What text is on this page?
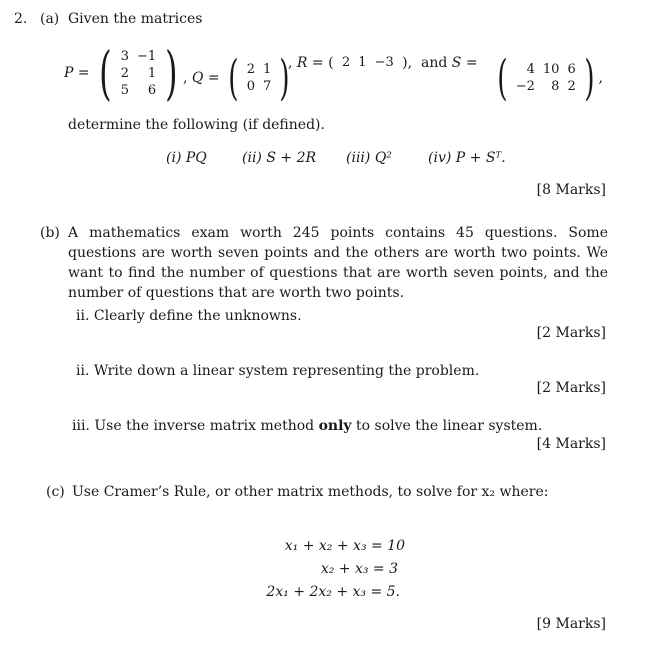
2. (a) Given the matrices
P = ( 3	−1
2	1
5	6 ) , Q = ( 2	1
0	7 )
, R = ( 2	1	−3 ), and
S = ( 4	10	6
−2	8	2 ) ,
determine the following (if defined).
(i) PQ	(ii) S + 2R (iii) Q²	(iv) P + Sᵀ.
[8 Marks]
(b) A mathematics exam worth 245 points contains 45 questions. Some questions are worth seven points and the others are worth two points. We want to find the number of questions that are worth seven points, and the number of questions that are worth two points.
ii. Clearly define the unknowns.
[2 Marks]
ii. Write down a linear system representing the problem.
[2 Marks]
iii. Use the inverse matrix method only to solve the linear system.
[4 Marks]
(c) Use Cramer’s Rule, or other matrix methods, to solve for x₂ where:
x₁ + x₂ + x₃ = 10
x₂ + x₃ = 3
2x₁ + 2x₂ + x₃ = 5.
[9 Marks]
